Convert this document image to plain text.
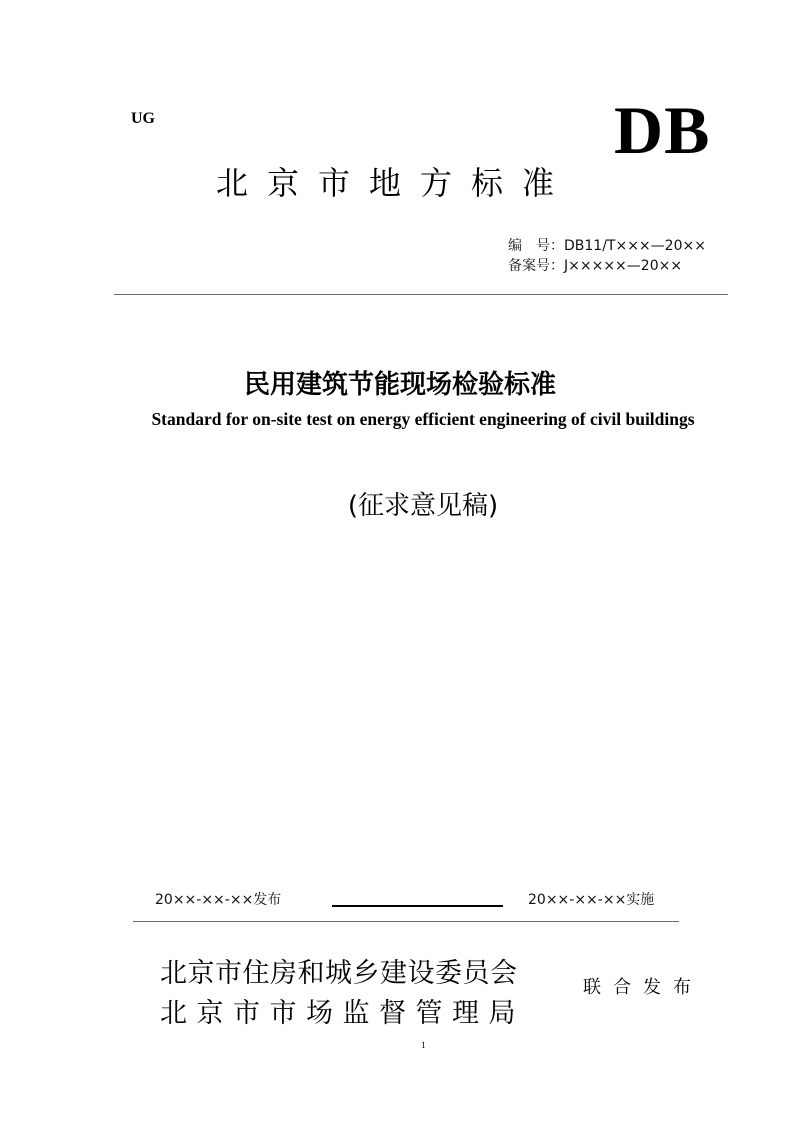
UG	DB
北京市地方标准
编　号：DB11/T×××—20××
备案号：J×××××—20××
民用建筑节能现场检验标准
Standard for on-site test on energy efficient engineering of civil buildings
(征求意见稿)
20××-××-××发布	20××-××-××实施
北京市住房和城乡建设委员会
北京市市场监督管理局
联合发布
1
